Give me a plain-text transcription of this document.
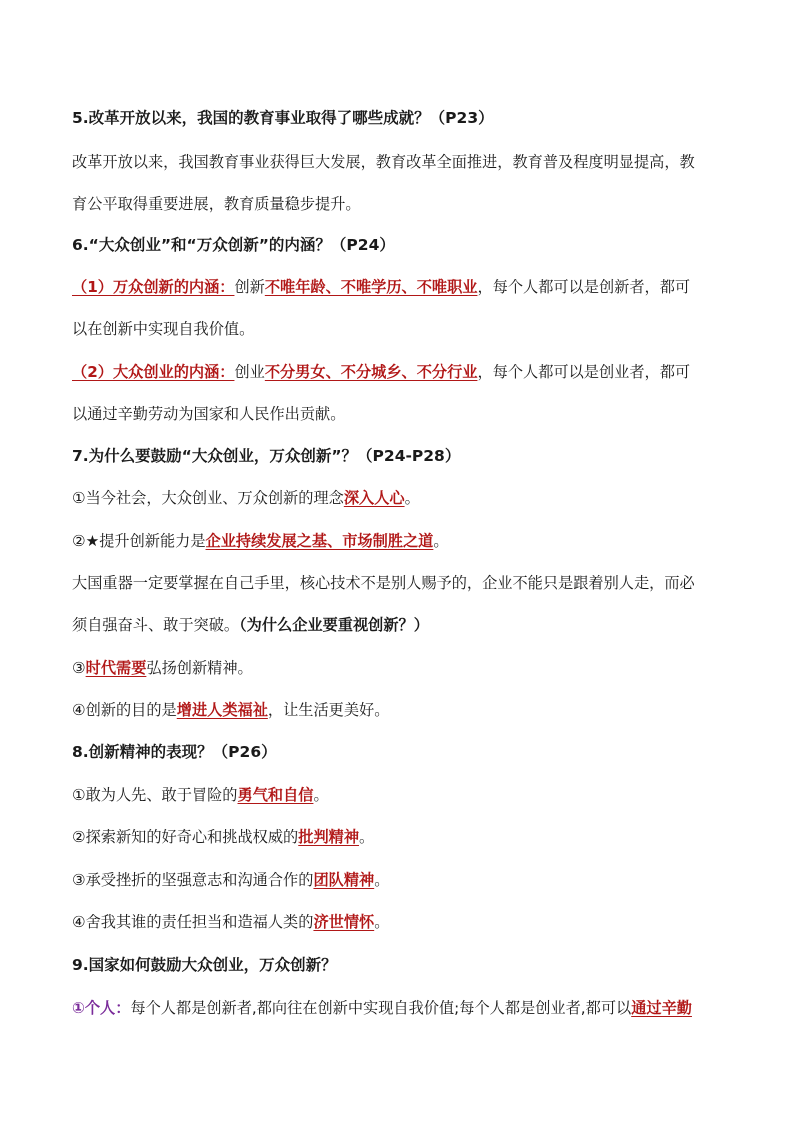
5.改革开放以来，我国的教育事业取得了哪些成就？（P23）
改革开放以来，我国教育事业获得巨大发展，教育改革全面推进，教育普及程度明显提高，教
育公平取得重要进展，教育质量稳步提升。
6.“大众创业”和“万众创新”的内涵？（P24）
（1）万众创新的内涵：创新不唯年龄、不唯学历、不唯职业，每个人都可以是创新者，都可
以在创新中实现自我价值。
（2）大众创业的内涵：创业不分男女、不分城乡、不分行业，每个人都可以是创业者，都可
以通过辛勤劳动为国家和人民作出贡献。
7.为什么要鼓励“大众创业，万众创新”？（P24-P28）
①当今社会，大众创业、万众创新的理念深入人心。
②★提升创新能力是企业持续发展之基、市场制胜之道。
大国重器一定要掌握在自己手里，核心技术不是别人赐予的，企业不能只是跟着别人走，而必
须自强奋斗、敢于突破。（为什么企业要重视创新？）
③时代需要弘扬创新精神。
④创新的目的是增进人类福祉，让生活更美好。
8.创新精神的表现？（P26）
①敢为人先、敢于冒险的勇气和自信。
②探索新知的好奇心和挑战权威的批判精神。
③承受挫折的坚强意志和沟通合作的团队精神。
④舍我其谁的责任担当和造福人类的济世情怀。
9.国家如何鼓励大众创业，万众创新？
①个人：每个人都是创新者,都向往在创新中实现自我价值;每个人都是创业者,都可以通过辛勤
